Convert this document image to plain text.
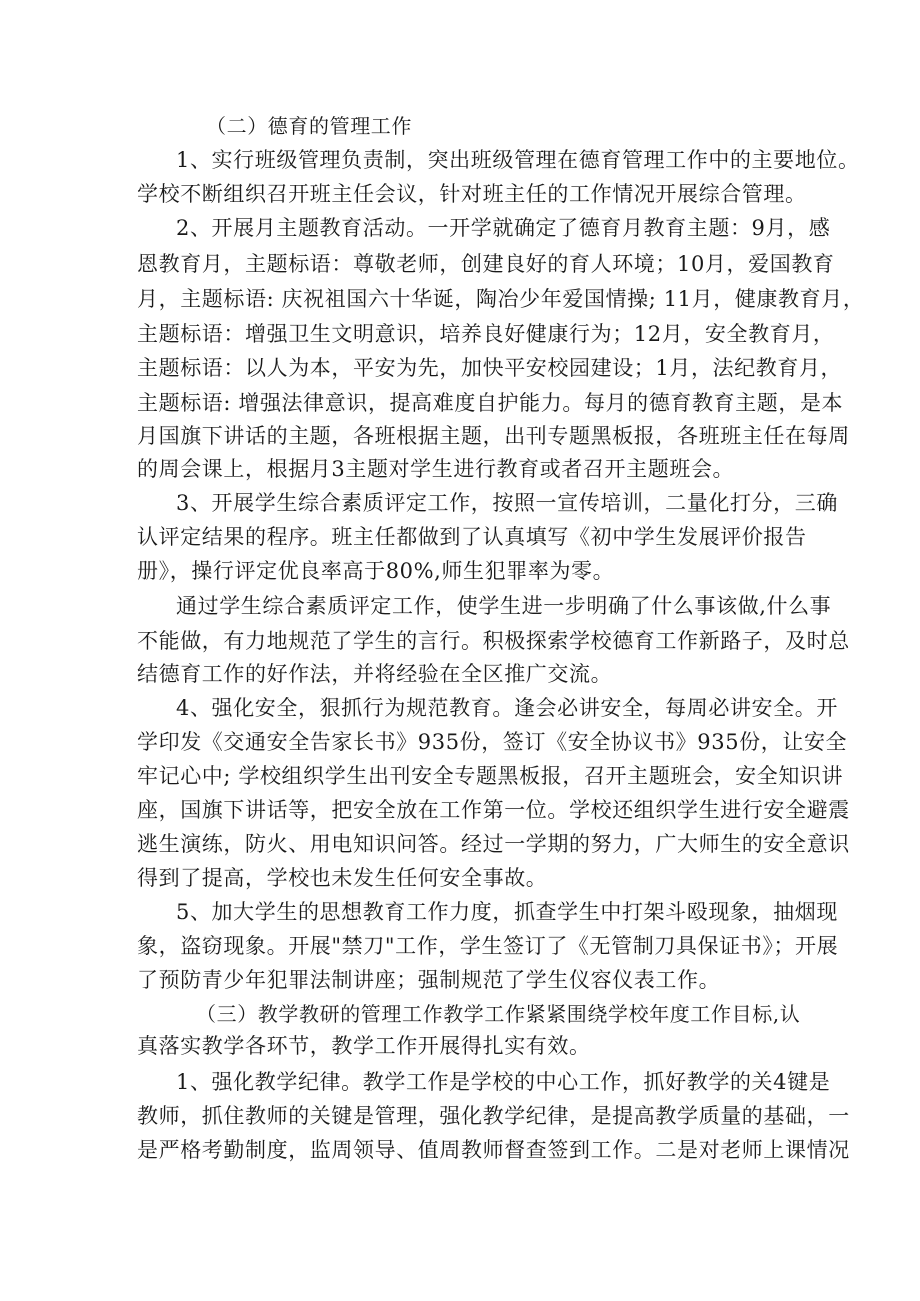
（二）德育的管理工作

1、实行班级管理负责制，突出班级管理在德育管理工作中的主要地位。

学校不断组织召开班主任会议，针对班主任的工作情况开展综合管理。

2、开展月主题教育活动。一开学就确定了德育月教育主题：9月，感

恩教育月，主题标语：尊敬老师，创建良好的育人环境；10月，爱国教育

月，主题标语: 庆祝祖国六十华诞，陶冶少年爱国情操; 11月，健康教育月，

主题标语：增强卫生文明意识，培养良好健康行为；12月，安全教育月，

主题标语：以人为本，平安为先，加快平安校园建设；1月，法纪教育月，

主题标语: 增强法律意识，提高难度自护能力。每月的德育教育主题，是本

月国旗下讲话的主题，各班根据主题，出刊专题黑板报，各班班主任在每周

的周会课上，根据月3主题对学生进行教育或者召开主题班会。

3、开展学生综合素质评定工作，按照一宣传培训，二量化打分，三确

认评定结果的程序。班主任都做到了认真填写《初中学生发展评价报告

册》，操行评定优良率高于80%,师生犯罪率为零。

通过学生综合素质评定工作，使学生进一步明确了什么事该做,什么事

不能做，有力地规范了学生的言行。积极探索学校德育工作新路子，及时总

结德育工作的好作法，并将经验在全区推广交流。

4、强化安全，狠抓行为规范教育。逢会必讲安全，每周必讲安全。开

学印发《交通安全告家长书》935份，签订《安全协议书》935份，让安全

牢记心中; 学校组织学生出刊安全专题黑板报，召开主题班会，安全知识讲

座，国旗下讲话等，把安全放在工作第一位。学校还组织学生进行安全避震

逃生演练，防火、用电知识问答。经过一学期的努力，广大师生的安全意识

得到了提高，学校也未发生任何安全事故。

5、加大学生的思想教育工作力度，抓查学生中打架斗殴现象，抽烟现

象，盗窃现象。开展"禁刀"工作，学生签订了《无管制刀具保证书》；开展

了预防青少年犯罪法制讲座；强制规范了学生仪容仪表工作。

（三）教学教研的管理工作教学工作紧紧围绕学校年度工作目标,认

真落实教学各环节，教学工作开展得扎实有效。

1、强化教学纪律。教学工作是学校的中心工作，抓好教学的关4键是

教师，抓住教师的关键是管理，强化教学纪律，是提高教学质量的基础，一

是严格考勤制度，监周领导、值周教师督查签到工作。二是对老师上课情况
